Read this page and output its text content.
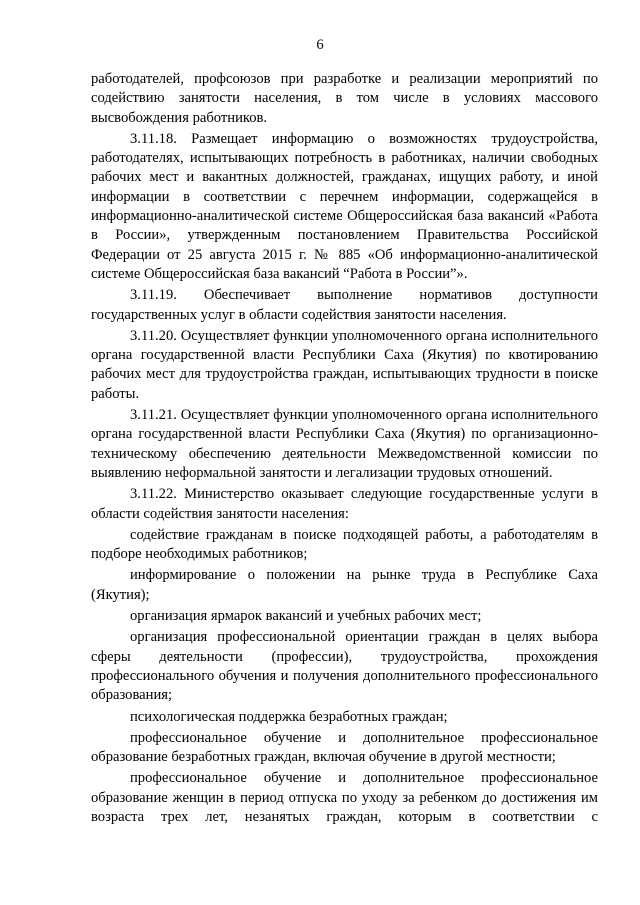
6

работодателей, профсоюзов при разработке и реализации мероприятий по содействию занятости населения, в том числе в условиях массового высвобождения работников.

3.11.18. Размещает информацию о возможностях трудоустройства, работодателях, испытывающих потребность в работниках, наличии свободных рабочих мест и вакантных должностей, гражданах, ищущих работу, и иной информации в соответствии с перечнем информации, содержащейся в информационно-аналитической системе Общероссийская база вакансий «Работа в России», утвержденным постановлением Правительства Российской Федерации от 25 августа 2015 г. № 885 «Об информационно-аналитической системе Общероссийская база вакансий “Работа в России”».

3.11.19. Обеспечивает выполнение нормативов доступности государственных услуг в области содействия занятости населения.

3.11.20. Осуществляет функции уполномоченного органа исполнительного органа государственной власти Республики Саха (Якутия) по квотированию рабочих мест для трудоустройства граждан, испытывающих трудности в поиске работы.

3.11.21. Осуществляет функции уполномоченного органа исполнительного органа государственной власти Республики Саха (Якутия) по организационно-техническому обеспечению деятельности Межведомственной комиссии по выявлению неформальной занятости и легализации трудовых отношений.

3.11.22. Министерство оказывает следующие государственные услуги в области содействия занятости населения:

содействие гражданам в поиске подходящей работы, а работодателям в подборе необходимых работников;

информирование о положении на рынке труда в Республике Саха (Якутия);

организация ярмарок вакансий и учебных рабочих мест;

организация профессиональной ориентации граждан в целях выбора сферы деятельности (профессии), трудоустройства, прохождения профессионального обучения и получения дополнительного профессионального образования;

психологическая поддержка безработных граждан;

профессиональное обучение и дополнительное профессиональное образование безработных граждан, включая обучение в другой местности;

профессиональное обучение и дополнительное профессиональное образование женщин в период отпуска по уходу за ребенком до достижения им возраста трех лет, незанятых граждан, которым в соответствии с
